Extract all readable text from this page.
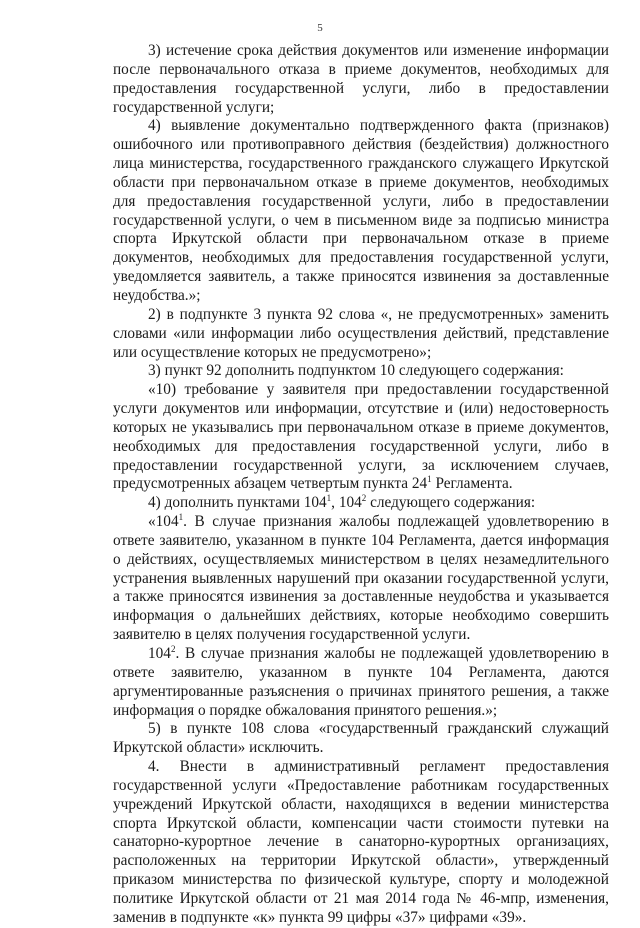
5

3) истечение срока действия документов или изменение информации после первоначального отказа в приеме документов, необходимых для предоставления государственной услуги, либо в предоставлении государственной услуги;

4) выявление документально подтвержденного факта (признаков) ошибочного или противоправного действия (бездействия) должностного лица министерства, государственного гражданского служащего Иркутской области при первоначальном отказе в приеме документов, необходимых для предоставления государственной услуги, либо в предоставлении государственной услуги, о чем в письменном виде за подписью министра спорта Иркутской области при первоначальном отказе в приеме документов, необходимых для предоставления государственной услуги, уведомляется заявитель, а также приносятся извинения за доставленные неудобства.»;

2) в подпункте 3 пункта 92 слова «, не предусмотренных» заменить словами «или информации либо осуществления действий, представление или осуществление которых не предусмотрено»;

3) пункт 92 дополнить подпунктом 10 следующего содержания:

«10) требование у заявителя при предоставлении государственной услуги документов или информации, отсутствие и (или) недостоверность которых не указывались при первоначальном отказе в приеме документов, необходимых для предоставления государственной услуги, либо в предоставлении государственной услуги, за исключением случаев, предусмотренных абзацем четвертым пункта $24^1$ Регламента.

4) дополнить пунктами $104^1$, $104^2$ следующего содержания:

«$104^1$. В случае признания жалобы подлежащей удовлетворению в ответе заявителю, указанном в пункте 104 Регламента, дается информация о действиях, осуществляемых министерством в целях незамедлительного устранения выявленных нарушений при оказании государственной услуги, а также приносятся извинения за доставленные неудобства и указывается информация о дальнейших действиях, которые необходимо совершить заявителю в целях получения государственной услуги.

$104^2$. В случае признания жалобы не подлежащей удовлетворению в ответе заявителю, указанном в пункте 104 Регламента, даются аргументированные разъяснения о причинах принятого решения, а также информация о порядке обжалования принятого решения.»;

5) в пункте 108 слова «государственный гражданский служащий Иркутской области» исключить.

4. Внести в административный регламент предоставления государственной услуги «Предоставление работникам государственных учреждений Иркутской области, находящихся в ведении министерства спорта Иркутской области, компенсации части стоимости путевки на санаторно-курортное лечение в санаторно-курортных организациях, расположенных на территории Иркутской области», утвержденный приказом министерства по физической культуре, спорту и молодежной политике Иркутской области от 21 мая 2014 года № 46-мпр, изменения, заменив в подпункте «к» пункта 99 цифры «37» цифрами «39».
